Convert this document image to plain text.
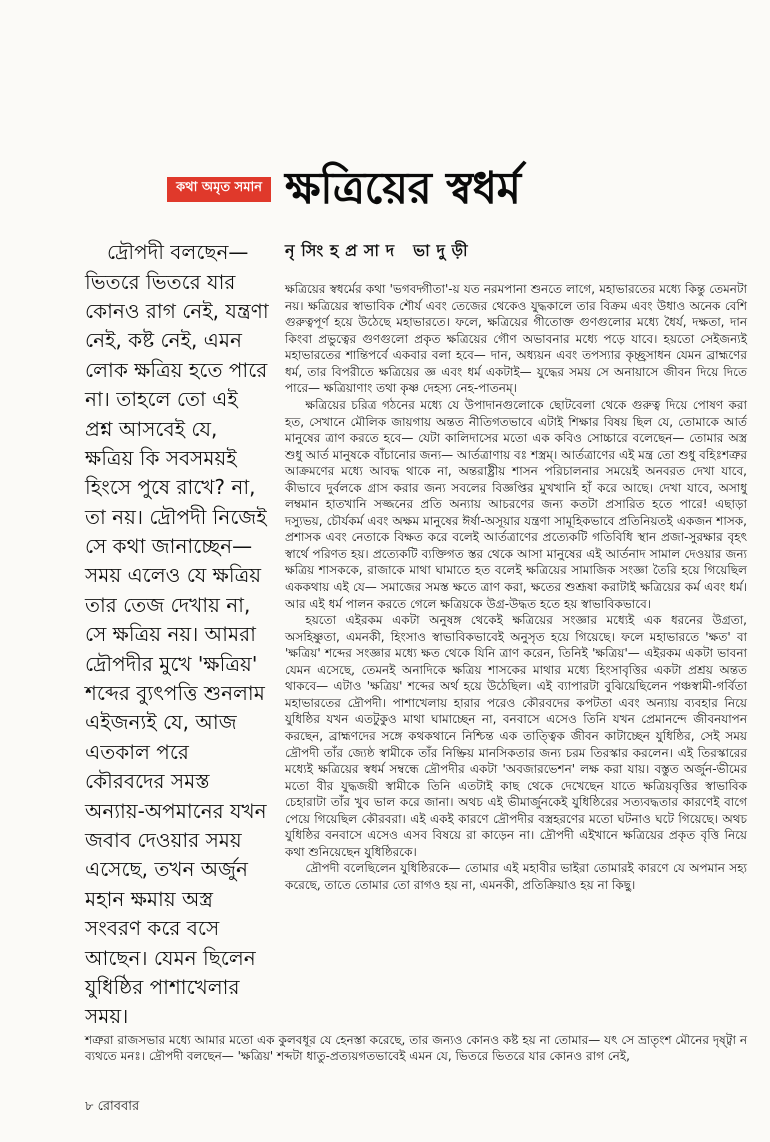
কথা অমৃত সমান ক্ষত্রিয়ের স্বধর্ম
দ্রৌপদী বলছেন— ভিতরে ভিতরে যার কোনও রাগ নেই, যন্ত্রণা নেই, কষ্ট নেই, এমন লোক ক্ষত্রিয় হতে পারে না। তাহলে তো এই প্রশ্ন আসবেই যে, ক্ষত্রিয় কি সবসময়ই হিংসে পুষে রাখে? না, তা নয়। দ্রৌপদী নিজেই সে কথা জানাচ্ছেন— সময় এলেও যে ক্ষত্রিয় তার তেজ দেখায় না, সে ক্ষত্রিয় নয়। আমরা দ্রৌপদীর মুখে 'ক্ষত্রিয়' শব্দের ব্যুৎপত্তি শুনলাম এইজন্যই যে, আজ এতকাল পরে কৌরবদের সমস্ত অন্যায়-অপমানের যখন জবাব দেওয়ার সময় এসেছে, তখন অর্জুন মহান ক্ষমায় অস্ত্র সংবরণ করে বসে আছেন। যেমন ছিলেন যুধিষ্ঠির পাশাখেলার সময়।
নৃসিংহপ্রসাদ ভাদুড়ী

ক্ষত্রিয়ের স্বধর্মের কথা 'ভগবদ্গীতা'-য় যত নরমপানা শুনতে লাগে, মহাভারতের মধ্যে কিন্তু তেমনটা নয়। ক্ষত্রিয়ের স্বাভাবিক শৌর্য এবং তেজের থেকেও যুদ্ধকালে তার বিক্রম এবং উধাও অনেক বেশি গুরুত্বপূর্ণ হয়ে উঠেছে মহাভারতে। ফলে, ক্ষত্রিয়ের গীতোক্ত গুণগুলোর মধ্যে ধৈর্য, দক্ষতা, দান কিংবা প্রভুত্বের গুণগুলো প্রকৃত ক্ষত্রিয়ের গৌণ অভাবনার মধ্যে পড়ে যাবে। হয়তো সেইজন্যই মহাভারতের শান্তিপর্বে একবার বলা হবে— দান, অধ্যয়ন এবং তপস্যার কৃচ্ছ্রসাধন যেমন ব্রাহ্মণের ধর্ম, তার বিপরীতে ক্ষত্রিয়ের জ্ঞ এবং ধর্ম একটাই— যুদ্ধের সময় সে অনায়াসে জীবন দিয়ে দিতে পারে— ক্ষত্রিয়াণাং তথা কৃষ্ণ দেহস্য নেহ-পাতনম্।

ক্ষত্রিয়ের চরিত্র গঠনের মধ্যে যে উপাদানগুলোকে ছোটবেলা থেকে গুরুত্ব দিয়ে পোষণ করা হত, সেখানে মৌলিক জায়গায় অন্তত নীতিগতভাবে এটাই শিক্ষার বিষয় ছিল যে, তোমাকে আর্ত মানুষের ত্রাণ করতে হবে— যেটা কালিদাসের মতো এক কবিও সোচ্চারে বলেছেন— তোমার অস্ত্র শুধু আর্ত মানুষকে বাঁচানোর জন্য— আর্তত্রাণায় বঃ শস্ত্রম্। আর্তত্রাণের এই মন্ত্র তো শুধু বহিঃশত্রুর আক্রমণের মধ্যে আবদ্ধ থাকে না, অন্তরাষ্ট্রীয় শাসন পরিচালনার সময়েই অনবরত দেখা যাবে, কীভাবে দুর্বলকে গ্রাস করার জন্য সবলের বিজ্ঞপ্তির মুখখানি হাঁ করে আছে। দেখা যাবে, অসাধু লম্বমান হাতখানি সজ্জনের প্রতি অন্যায় আচরণের জন্য কতটা প্রসারিত হতে পারে! এছাড়া দস্যুভয়, চৌর্যকর্ম এবং অক্ষম মানুষের ঈর্ষা-অসূয়ার যন্ত্রণা সামূহিকভাবে প্রতিনিয়তই একজন শাসক, প্রশাসক এবং নেতাকে বিক্ষত করে বলেই আর্তত্রাণের প্রত্যেকটি গতিবিধি স্থান প্রজা-সুরক্ষার বৃহৎ স্বার্থে পরিণত হয়। প্রত্যেকটি ব্যক্তিগত স্তর থেকে আসা মানুষের এই আর্তনাদ সামাল দেওয়ার জন্য ক্ষত্রিয় শাসককে, রাজাকে মাথা ঘামাতে হত বলেই ক্ষত্রিয়ের সামাজিক সংজ্ঞা তৈরি হয়ে গিয়েছিল এককথায় এই যে— সমাজের সমস্ত ক্ষতে ত্রাণ করা, ক্ষতের শুশ্রূষা করাটাই ক্ষত্রিয়ের কর্ম এবং ধর্ম। আর এই ধর্ম পালন করতে গেলে ক্ষত্রিয়কে উগ্র-উদ্ধত হতে হয় স্বাভাবিকভাবে।

হয়তো এইরকম একটা অনুষঙ্গ থেকেই ক্ষত্রিয়ের সংজ্ঞার মধ্যেই এক ধরনের উগ্রতা, অসহিষ্ণুতা, এমনকী, হিংসাও স্বাভাবিকভাবেই অনুসৃত হয়ে গিয়েছে। ফলে মহাভারতে 'ক্ষত' বা 'ক্ষত্রিয়' শব্দের সংজ্ঞার মধ্যে ক্ষত থেকে যিনি ত্রাণ করেন, তিনিই 'ক্ষত্রিয়'— এইরকম একটা ভাবনা যেমন এসেছে, তেমনই অনাদিকে ক্ষত্রিয় শাসকের মাথার মধ্যে হিংসাবৃত্তির একটা প্রশ্রয় অন্তত থাকবে— এটাও 'ক্ষত্রিয়' শব্দের অর্থ হয়ে উঠেছিল। এই ব্যাপারটা বুঝিয়েছিলেন পঞ্চস্বামী-গর্বিতা মহাভারতের দ্রৌপদী। পাশাখেলায় হারার পরেও কৌরবদের কপটতা এবং অন্যায় ব্যবহার নিয়ে যুধিষ্ঠির যখন এতটুকুও মাথা ঘামাচ্ছেন না, বনবাসে এসেও তিনি যখন প্রেমানন্দে জীবনযাপন করছেন, ব্রাহ্মণদের সঙ্গে কথকথানে নিশ্চিন্ত এক তাত্ত্বিক জীবন কাটাচ্ছেন যুধিষ্ঠির, সেই সময় দ্রৌপদী তাঁর জ্যেষ্ঠ স্বামীকে তাঁর নিষ্ক্রিয় মানসিকতার জন্য চরম তিরস্কার করলেন। এই তিরস্কারের মধ্যেই ক্ষত্রিয়ের স্বধর্ম সম্বন্ধে দ্রৌপদীর একটা 'অবজারভেশন' লক্ষ করা যায়। বস্তুত অর্জুন-ভীমের মতো বীর যুদ্ধজয়ী স্বামীকে তিনি এতটাই কাছ থেকে দেখেছেন যাতে ক্ষত্রিয়বৃত্তির স্বাভাবিক চেহারাটা তাঁর খুব ভাল করে জানা। অথচ এই ভীমার্জুনকেই যুধিষ্ঠিরের সত্যবদ্ধতার কারণেই বাগে পেয়ে গিয়েছিল কৌরবরা। এই একই কারণে দ্রৌপদীর বস্ত্রহরণের মতো ঘটনাও ঘটে গিয়েছে। অথচ যুধিষ্ঠির বনবাসে এসেও এসব বিষয়ে রা কাড়েন না। দ্রৌপদী এইখানে ক্ষত্রিয়ের প্রকৃত বৃত্তি নিয়ে কথা শুনিয়েছেন যুধিষ্ঠিরকে।

দ্রৌপদী বলেছিলেন যুধিষ্ঠিরকে— তোমার এই মহাবীর ভাইরা তোমারই কারণে যে অপমান সহ্য করেছে, তাতে তোমার তো রাগও হয় না, এমনকী, প্রতিক্রিয়াও হয় না কিছু।

শত্রুরা রাজসভার মধ্যে আমার মতো এক কুলবধূর যে হেনস্তা করেছে, তার জন্যও কোনও কষ্ট হয় না তোমার— যৎ সে ভ্রাতৃংশ মৌনের দৃষ্ট্বা ন ব্যথতে মনঃ। দ্রৌপদী বলছেন— 'ক্ষত্রিয়' শব্দটা ধাতু-প্রত্যয়গতভাবেই এমন যে, ভিতরে ভিতরে যার কোনও রাগ নেই,

৮ রোববার
